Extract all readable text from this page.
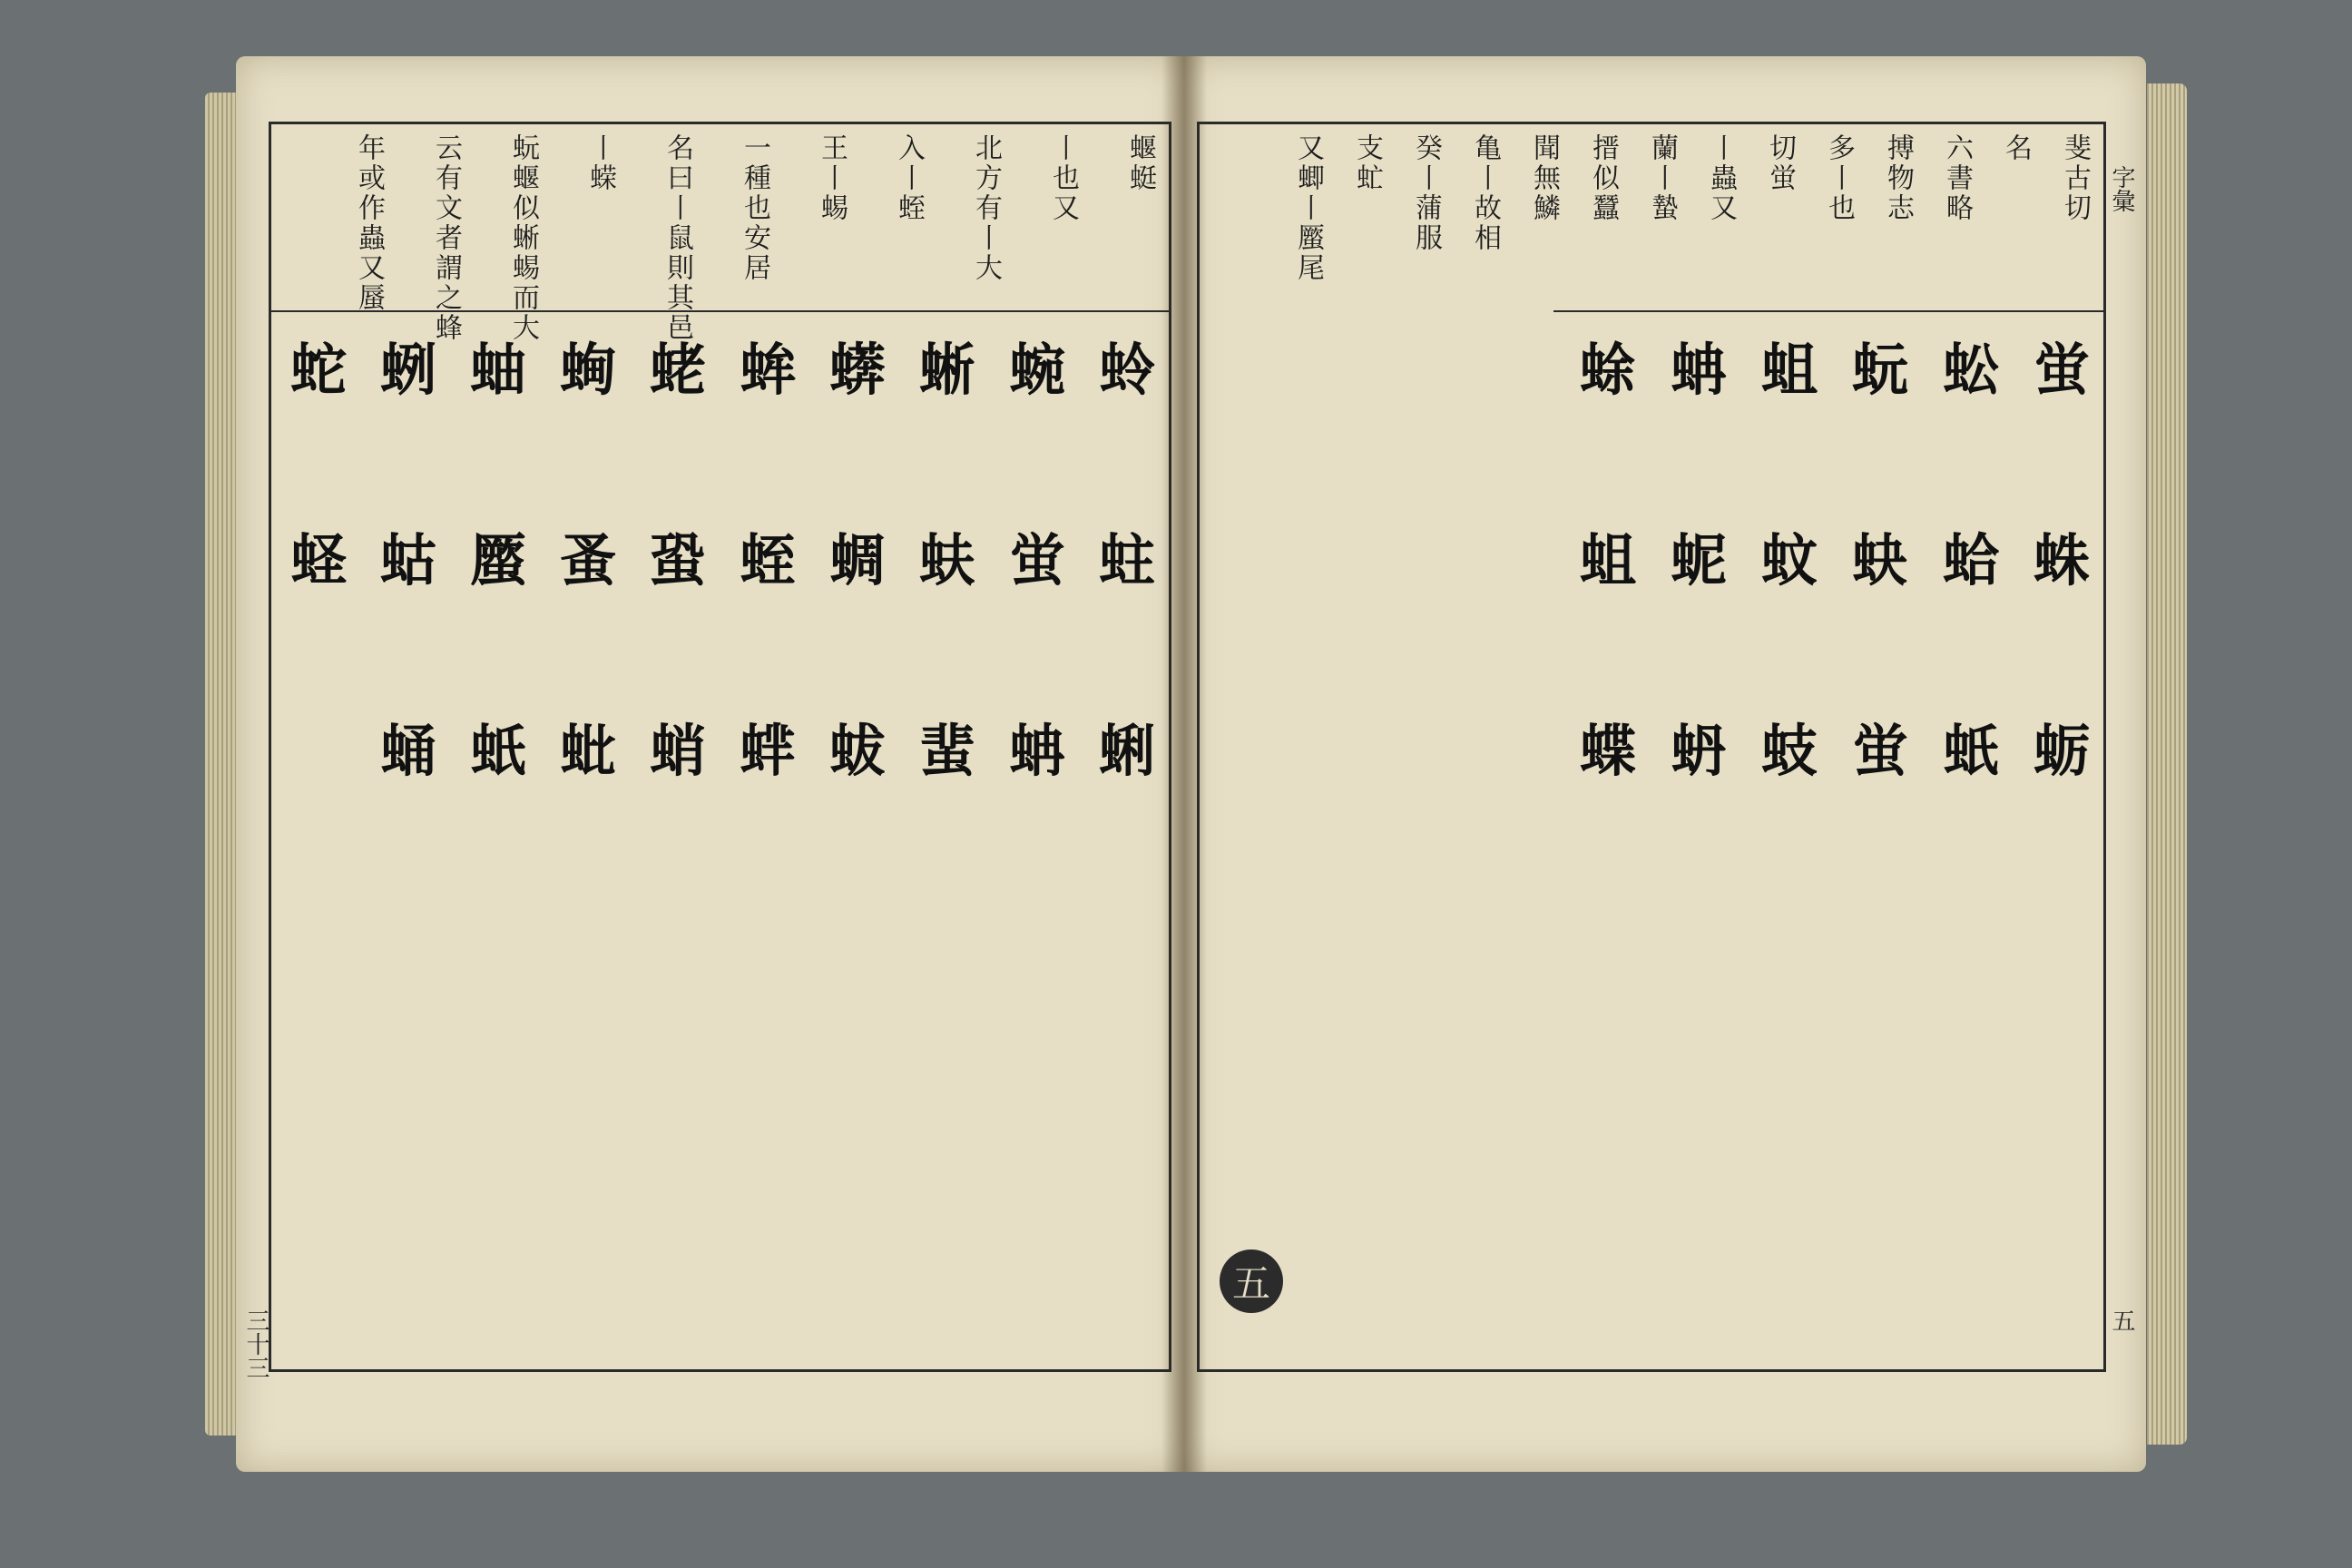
蝘蜓
丨也又
北方有丨大
入丨蛭
王丨蜴
一種也安居
名曰丨鼠則其邑
丨蝾
蚖蝘似蜥蜴而大
云有文者謂之蜂
年或作蟲又蜃
蛉
蜿
蜥
蠎
蛑
蛯
蜔
蚰
蛚
蛇
蛀
蛍
蚨
蜩
蛭
蛩
蚤
蟨
蛄
蛏
蜊
蚺
蜚
蛂
蝆
蛸
蚍
蚔
蛹
三十三
斐古切
名
六書略
搏物志
多丨也
切蛍
丨蟲又
蘭丨蟄
搢似蠶
聞無鱗
亀丨故相
癸丨蒲服
支虻
又蝍丨蟨尾
蛍
蚣
蚖
蛆
蚺
蜍
蛛
蛤
蚗
蚊
蚭
蛆
蛎
蚔
蛍
蚑
蚒
蝶
五
字彙
五
